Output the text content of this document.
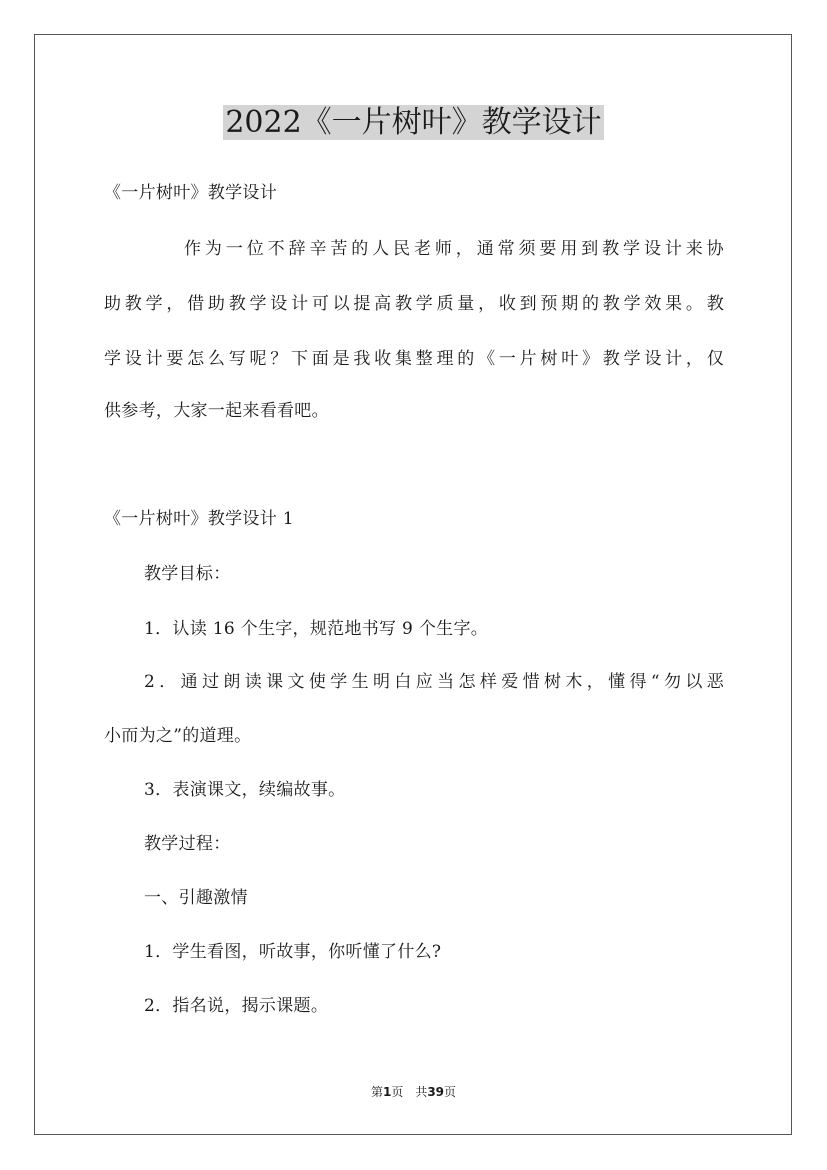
2022《一片树叶》教学设计

《一片树叶》教学设计

作为一位不辞辛苦的人民老师，通常须要用到教学设计来协

助教学，借助教学设计可以提高教学质量，收到预期的教学效果。教

学设计要怎么写呢？下面是我收集整理的《一片树叶》教学设计，仅

供参考，大家一起来看看吧。

《一片树叶》教学设计 1

教学目标：

1．认读 16 个生字，规范地书写 9 个生字。

2．通过朗读课文使学生明白应当怎样爱惜树木，懂得“勿以恶

小而为之”的道理。

3．表演课文，续编故事。

教学过程：

一、引趣激情

1．学生看图，听故事，你听懂了什么?

2．指名说，揭示课题。

第1页　共39页
